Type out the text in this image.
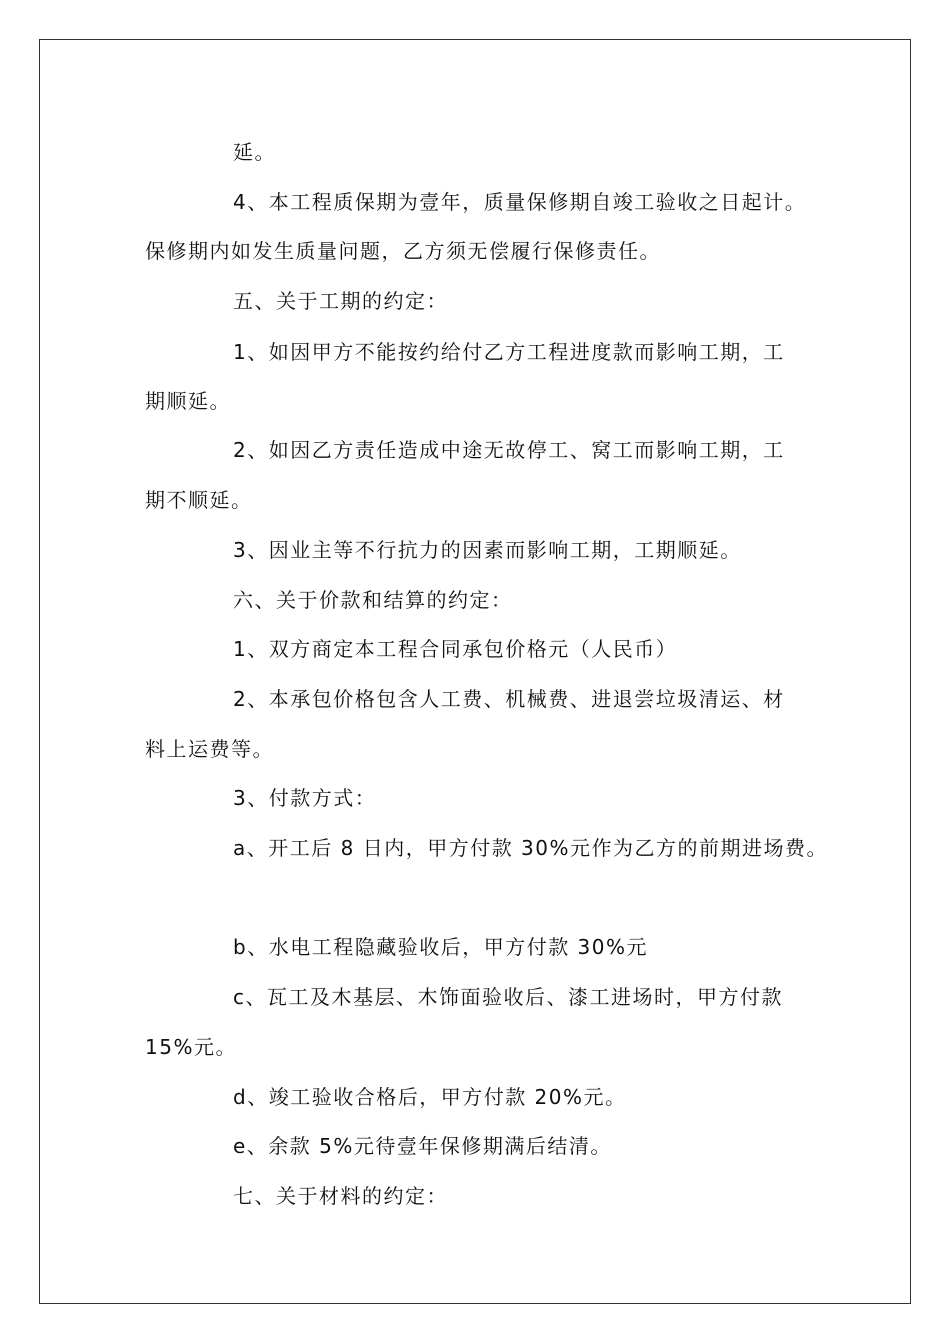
延。
4、本工程质保期为壹年，质量保修期自竣工验收之日起计。
保修期内如发生质量问题，乙方须无偿履行保修责任。
五、关于工期的约定：
1、如因甲方不能按约给付乙方工程进度款而影响工期，工
期顺延。
2、如因乙方责任造成中途无故停工、窝工而影响工期，工
期不顺延。
3、因业主等不行抗力的因素而影响工期，工期顺延。
六、关于价款和结算的约定：
1、双方商定本工程合同承包价格元（人民币）
2、本承包价格包含人工费、机械费、进退尝垃圾清运、材
料上运费等。
3、付款方式：
a、开工后 8 日内，甲方付款 30%元作为乙方的前期进场费。
b、水电工程隐藏验收后，甲方付款 30%元
c、瓦工及木基层、木饰面验收后、漆工进场时，甲方付款
15%元。
d、竣工验收合格后，甲方付款 20%元。
e、余款 5%元待壹年保修期满后结清。
七、关于材料的约定：
